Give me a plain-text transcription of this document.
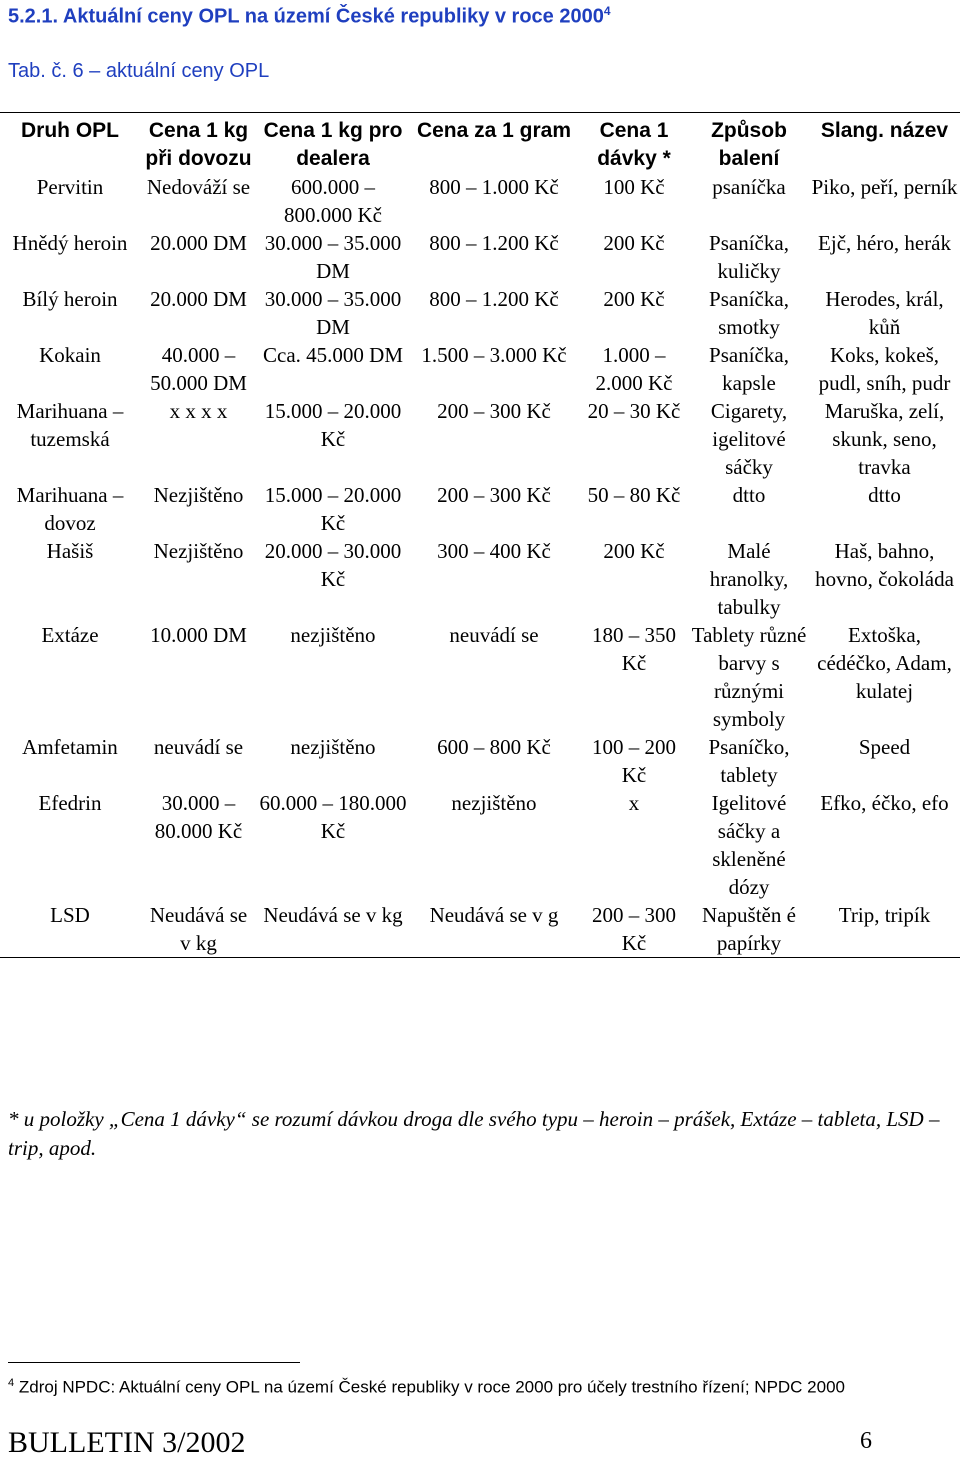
5.2.1. Aktuální ceny OPL na území České republiky v roce 2000$^4$
Tab. č. 6 – aktuální ceny OPL
Druh OPL	Cena 1 kg při dovozu	Cena 1 kg pro dealera	Cena za 1 gram	Cena 1 dávky *	Způsob balení	Slang. název
Pervitin	Nedováží se	600.000 – 800.000 Kč	800 – 1.000 Kč	100 Kč	psaníčka	Piko, peří, perník
Hnědý heroin	20.000 DM	30.000 – 35.000 DM	800 – 1.200 Kč	200 Kč	Psaníčka, kuličky	Ejč, héro, herák
Bílý heroin	20.000 DM	30.000 – 35.000 DM	800 – 1.200 Kč	200 Kč	Psaníčka, smotky	Herodes, král, kůň
Kokain	40.000 – 50.000 DM	Cca. 45.000 DM	1.500 – 3.000 Kč	1.000 – 2.000 Kč	Psaníčka, kapsle	Koks, kokeš, pudl, sníh, pudr
Marihuana – tuzemská	x x x x	15.000 – 20.000 Kč	200 – 300 Kč	20 – 30 Kč	Cigarety, igelitové sáčky	Maruška, zelí, skunk, seno, travka
Marihuana – dovoz	Nezjištěno	15.000 – 20.000 Kč	200 – 300 Kč	50 – 80 Kč	dtto	dtto
Hašiš	Nezjištěno	20.000 – 30.000 Kč	300 – 400 Kč	200 Kč	Malé hranolky, tabulky	Haš, bahno, hovno, čokoláda
Extáze	10.000 DM	nezjištěno	neuvádí se	180 – 350 Kč	Tablety různé barvy s různými symboly	Extoška, cédéčko, Adam, kulatej
Amfetamin	neuvádí se	nezjištěno	600 – 800 Kč	100 – 200 Kč	Psaníčko, tablety	Speed
Efedrin	30.000 – 80.000 Kč	60.000 – 180.000 Kč	nezjištěno	x	Igelitové sáčky a skleněné dózy	Efko, éčko, efo
LSD	Neudává se v kg	Neudává se v kg	Neudává se v g	200 – 300 Kč	Napuštěn é papírky	Trip, tripík
* u položky „Cena 1 dávky“ se rozumí dávkou droga dle svého typu – heroin – prášek, Extáze – tableta, LSD – trip, apod.
$^4$ Zdroj NPDC: Aktuální ceny OPL na území České republiky v roce 2000 pro účely trestního řízení; NPDC 2000
BULLETIN 3/2002	6
